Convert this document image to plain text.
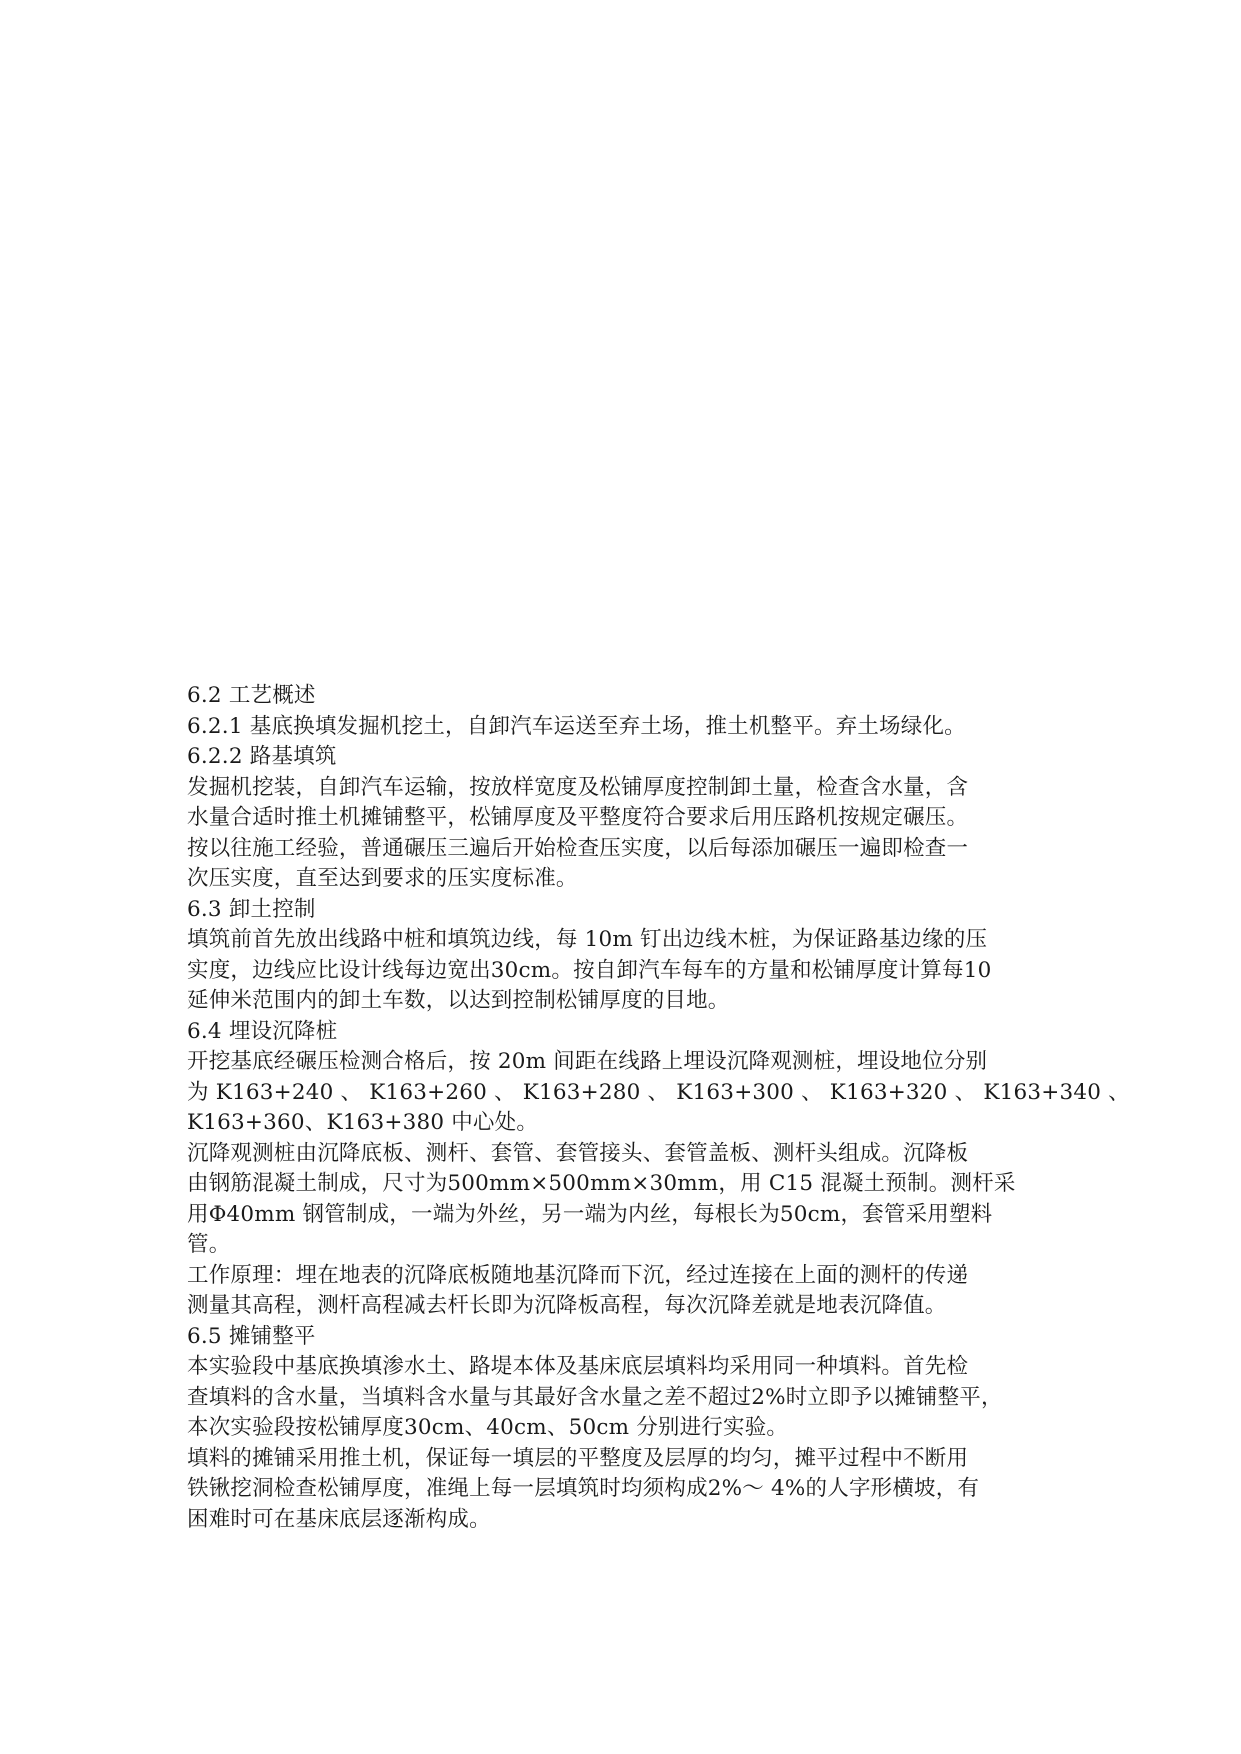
6.2 工艺概述
6.2.1 基底换填发掘机挖土，自卸汽车运送至弃土场，推土机整平。弃土场绿化。
6.2.2 路基填筑
发掘机挖装，自卸汽车运输，按放样宽度及松铺厚度控制卸土量，检查含水量，含
水量合适时推土机摊铺整平，松铺厚度及平整度符合要求后用压路机按规定碾压。
按以往施工经验，普通碾压三遍后开始检查压实度，以后每添加碾压一遍即检查一
次压实度，直至达到要求的压实度标准。
6.3 卸土控制
填筑前首先放出线路中桩和填筑边线，每 10m 钉出边线木桩，为保证路基边缘的压
实度，边线应比设计线每边宽出30cm。按自卸汽车每车的方量和松铺厚度计算每10
延伸米范围内的卸土车数，以达到控制松铺厚度的目地。
6.4 埋设沉降桩
开挖基底经碾压检测合格后，按 20m 间距在线路上埋设沉降观测桩，埋设地位分别
为 K163+240 、 K163+260 、 K163+280 、 K163+300 、 K163+320 、 K163+340 、
K163+360、K163+380 中心处。
沉降观测桩由沉降底板、测杆、套管、套管接头、套管盖板、测杆头组成。沉降板
由钢筋混凝土制成，尺寸为500mm×500mm×30mm，用 C15 混凝土预制。测杆采
用Φ40mm 钢管制成，一端为外丝，另一端为内丝，每根长为50cm，套管采用塑料
管。
工作原理：埋在地表的沉降底板随地基沉降而下沉，经过连接在上面的测杆的传递
测量其高程，测杆高程减去杆长即为沉降板高程，每次沉降差就是地表沉降值。
6.5 摊铺整平
本实验段中基底换填渗水土、路堤本体及基床底层填料均采用同一种填料。首先检
查填料的含水量，当填料含水量与其最好含水量之差不超过2%时立即予以摊铺整平，
本次实验段按松铺厚度30cm、40cm、50cm 分别进行实验。
填料的摊铺采用推土机，保证每一填层的平整度及层厚的均匀，摊平过程中不断用
铁锹挖洞检查松铺厚度，准绳上每一层填筑时均须构成2%～ 4%的人字形横坡，有
困难时可在基床底层逐渐构成。
